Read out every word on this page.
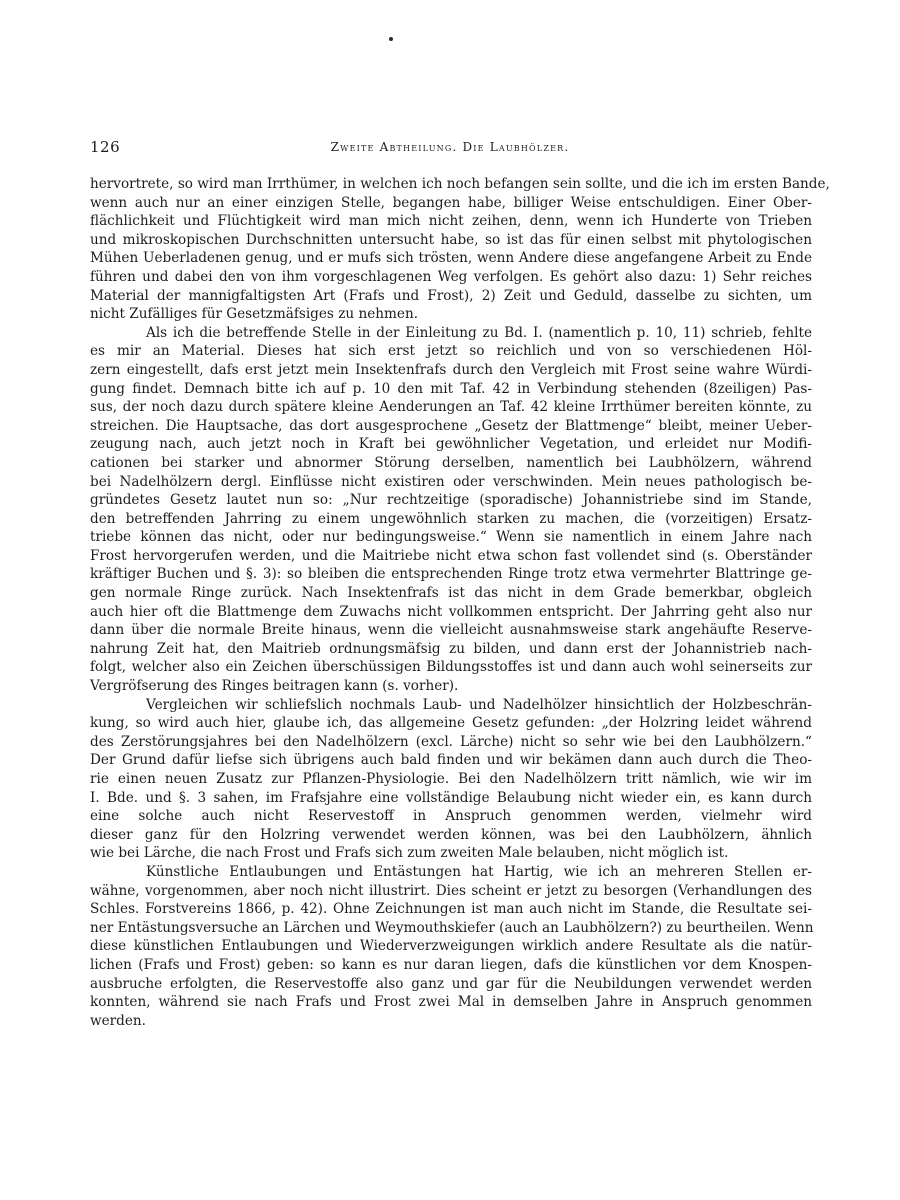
126	Zweite Abtheilung. Die Laubhölzer.
hervortrete, so wird man Irrthümer, in welchen ich noch befangen sein sollte, und die ich im ersten Bande,
wenn auch nur an einer einzigen Stelle, begangen habe, billiger Weise entschuldigen. Einer Ober-
flächlichkeit und Flüchtigkeit wird man mich nicht zeihen, denn, wenn ich Hunderte von Trieben
und mikroskopischen Durchschnitten untersucht habe, so ist das für einen selbst mit phytologischen
Mühen Ueberladenen genug, und er mufs sich trösten, wenn Andere diese angefangene Arbeit zu Ende
führen und dabei den von ihm vorgeschlagenen Weg verfolgen. Es gehört also dazu: 1) Sehr reiches
Material der mannigfaltigsten Art (Frafs und Frost), 2) Zeit und Geduld, dasselbe zu sichten, um
nicht Zufälliges für Gesetzmäfsiges zu nehmen.
Als ich die betreffende Stelle in der Einleitung zu Bd. I. (namentlich p. 10, 11) schrieb, fehlte
es mir an Material. Dieses hat sich erst jetzt so reichlich und von so verschiedenen Höl-
zern eingestellt, dafs erst jetzt mein Insektenfrafs durch den Vergleich mit Frost seine wahre Würdi-
gung findet. Demnach bitte ich auf p. 10 den mit Taf. 42 in Verbindung stehenden (8zeiligen) Pas-
sus, der noch dazu durch spätere kleine Aenderungen an Taf. 42 kleine Irrthümer bereiten könnte, zu
streichen. Die Hauptsache, das dort ausgesprochene „Gesetz der Blattmenge“ bleibt, meiner Ueber-
zeugung nach, auch jetzt noch in Kraft bei gewöhnlicher Vegetation, und erleidet nur Modifi-
cationen bei starker und abnormer Störung derselben, namentlich bei Laubhölzern, während
bei Nadelhölzern dergl. Einflüsse nicht existiren oder verschwinden. Mein neues pathologisch be-
gründetes Gesetz lautet nun so: „Nur rechtzeitige (sporadische) Johannistriebe sind im Stande,
den betreffenden Jahrring zu einem ungewöhnlich starken zu machen, die (vorzeitigen) Ersatz-
triebe können das nicht, oder nur bedingungsweise.“ Wenn sie namentlich in einem Jahre nach
Frost hervorgerufen werden, und die Maitriebe nicht etwa schon fast vollendet sind (s. Oberständer
kräftiger Buchen und §. 3): so bleiben die entsprechenden Ringe trotz etwa vermehrter Blattringe ge-
gen normale Ringe zurück. Nach Insektenfrafs ist das nicht in dem Grade bemerkbar, obgleich
auch hier oft die Blattmenge dem Zuwachs nicht vollkommen entspricht. Der Jahrring geht also nur
dann über die normale Breite hinaus, wenn die vielleicht ausnahmsweise stark angehäufte Reserve-
nahrung Zeit hat, den Maitrieb ordnungsmäfsig zu bilden, und dann erst der Johannistrieb nach-
folgt, welcher also ein Zeichen überschüssigen Bildungsstoffes ist und dann auch wohl seinerseits zur
Vergröfserung des Ringes beitragen kann (s. vorher).
Vergleichen wir schliefslich nochmals Laub- und Nadelhölzer hinsichtlich der Holzbeschrän-
kung, so wird auch hier, glaube ich, das allgemeine Gesetz gefunden: „der Holzring leidet während
des Zerstörungsjahres bei den Nadelhölzern (excl. Lärche) nicht so sehr wie bei den Laubhölzern.“
Der Grund dafür liefse sich übrigens auch bald finden und wir bekämen dann auch durch die Theo-
rie einen neuen Zusatz zur Pflanzen-Physiologie. Bei den Nadelhölzern tritt nämlich, wie wir im
I. Bde. und §. 3 sahen, im Frafsjahre eine vollständige Belaubung nicht wieder ein, es kann durch
eine solche auch nicht Reservestoff in Anspruch genommen werden, vielmehr wird
dieser ganz für den Holzring verwendet werden können, was bei den Laubhölzern, ähnlich
wie bei Lärche, die nach Frost und Frafs sich zum zweiten Male belauben, nicht möglich ist.
Künstliche Entlaubungen und Entästungen hat Hartig, wie ich an mehreren Stellen er-
wähne, vorgenommen, aber noch nicht illustrirt. Dies scheint er jetzt zu besorgen (Verhandlungen des
Schles. Forstvereins 1866, p. 42). Ohne Zeichnungen ist man auch nicht im Stande, die Resultate sei-
ner Entästungsversuche an Lärchen und Weymouthskiefer (auch an Laubhölzern?) zu beurtheilen. Wenn
diese künstlichen Entlaubungen und Wiederverzweigungen wirklich andere Resultate als die natür-
lichen (Frafs und Frost) geben: so kann es nur daran liegen, dafs die künstlichen vor dem Knospen-
ausbruche erfolgten, die Reservestoffe also ganz und gar für die Neubildungen verwendet werden
konnten, während sie nach Frafs und Frost zwei Mal in demselben Jahre in Anspruch genommen
werden.
